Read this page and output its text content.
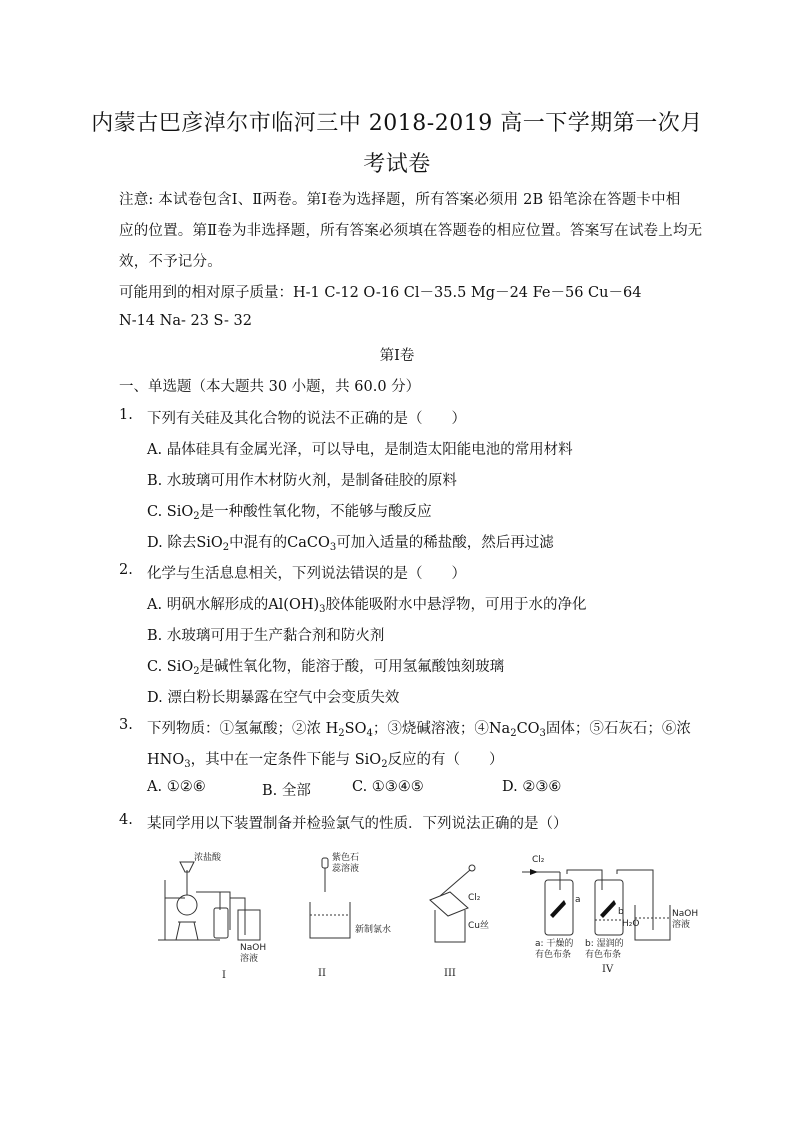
内蒙古巴彦淖尔市临河三中 2018-2019 高一下学期第一次月
考试卷
注意: 本试卷包含Ⅰ、Ⅱ两卷。第Ⅰ卷为选择题，所有答案必须用 2B 铅笔涂在答题卡中相
应的位置。第Ⅱ卷为非选择题，所有答案必须填在答题卷的相应位置。答案写在试卷上均无
效，不予记分。
可能用到的相对原子质量：H-1 C-12 O-16 Cl－35.5 Mg－24 Fe－56 Cu－64
N-14 Na- 23 S- 32
第Ⅰ卷
一、单选题（本大题共 30 小题，共 60.0 分）
1. 下列有关硅及其化合物的说法不正确的是（　　）
A. 晶体硅具有金属光泽，可以导电，是制造太阳能电池的常用材料
B. 水玻璃可用作木材防火剂，是制备硅胶的原料
C. SiO$_2$是一种酸性氧化物，不能够与酸反应
D. 除去SiO$_2$中混有的CaCO$_3$可加入适量的稀盐酸，然后再过滤
2. 化学与生活息息相关，下列说法错误的是（　　）
A. 明矾水解形成的$Al(OH)_3$胶体能吸附水中悬浮物，可用于水的净化
B. 水玻璃可用于生产黏合剂和防火剂
C. SiO$_2$是碱性氧化物，能溶于酸，可用氢氟酸蚀刻玻璃
D. 漂白粉长期暴露在空气中会变质失效
3. 下列物质：①氢氟酸；②浓 $H_2SO_4$；③烧碱溶液；$④Na_2CO_3$固体；⑤石灰石；⑥浓
$HNO_3$，其中在一定条件下能与 SiO$_2$反应的有（　　）
A. ①②⑥	B. 全部	C. ①③④⑤	D. ②③⑥
4. 某同学用以下装置制备并检验氯气的性质．下列说法正确的是（）
浓盐酸
NaOH
溶液
I
紫色石
蕊溶液
新制氯水
II
Cl₂
Cu丝
III
Cl₂
a
b
H₂O
a: 干燥的
有色布条
b: 湿润的
有色布条
NaOH
溶液
IV
